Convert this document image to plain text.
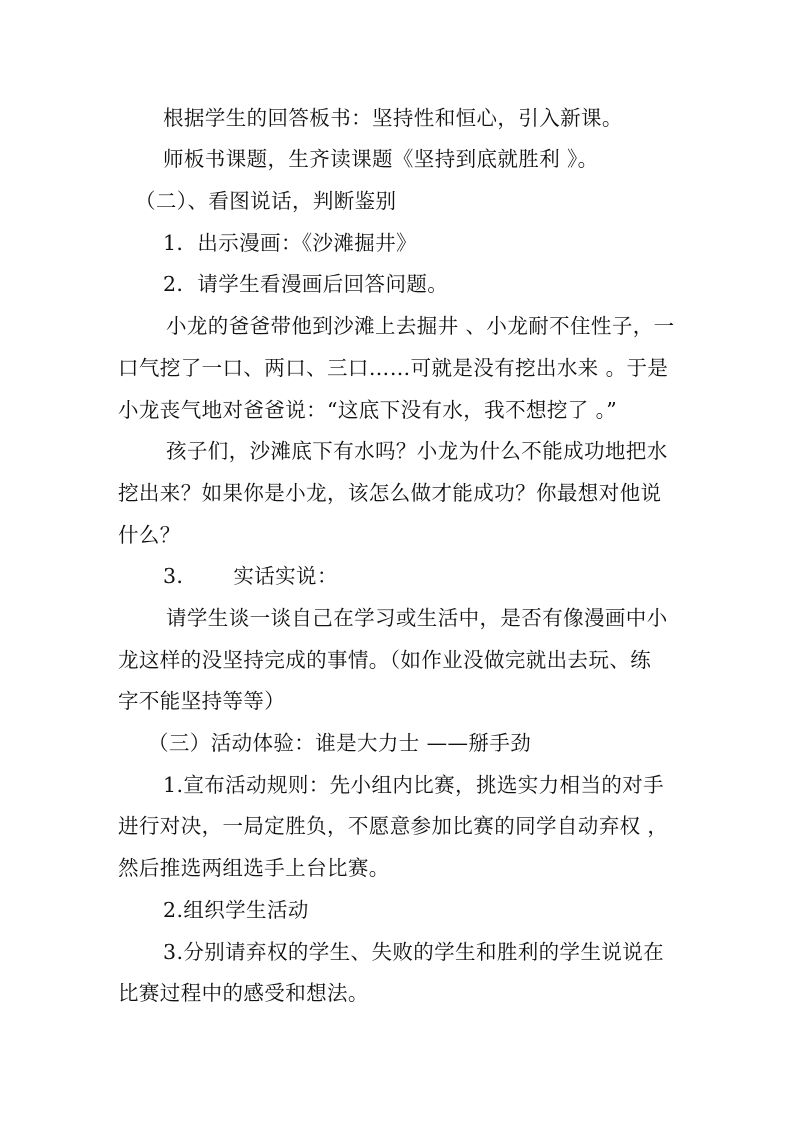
根据学生的回答板书：坚持性和恒心，引入新课。
师板书课题，生齐读课题《坚持到底就胜利 》。
（二）、看图说话，判断鉴别
1．出示漫画：《沙滩掘井》
2．请学生看漫画后回答问题。
小龙的爸爸带他到沙滩上去掘井 、小龙耐不住性子，一
口气挖了一口、两口、三口……可就是没有挖出水来 。于是
小龙丧气地对爸爸说：“这底下没有水，我不想挖了 。”
孩子们，沙滩底下有水吗？小龙为什么不能成功地把水
挖出来？如果你是小龙，该怎么做才能成功？你最想对他说
什么？
3． 实话实说：
请学生谈一谈自己在学习或生活中，是否有像漫画中小
龙这样的没坚持完成的事情。（如作业没做完就出去玩、练
字不能坚持等等）
（三）活动体验：谁是大力士 ——掰手劲
1.宣布活动规则：先小组内比赛，挑选实力相当的对手
进行对决，一局定胜负，不愿意参加比赛的同学自动弃权 ，
然后推选两组选手上台比赛。
2.组织学生活动
3.分别请弃权的学生、失败的学生和胜利的学生说说在
比赛过程中的感受和想法。
